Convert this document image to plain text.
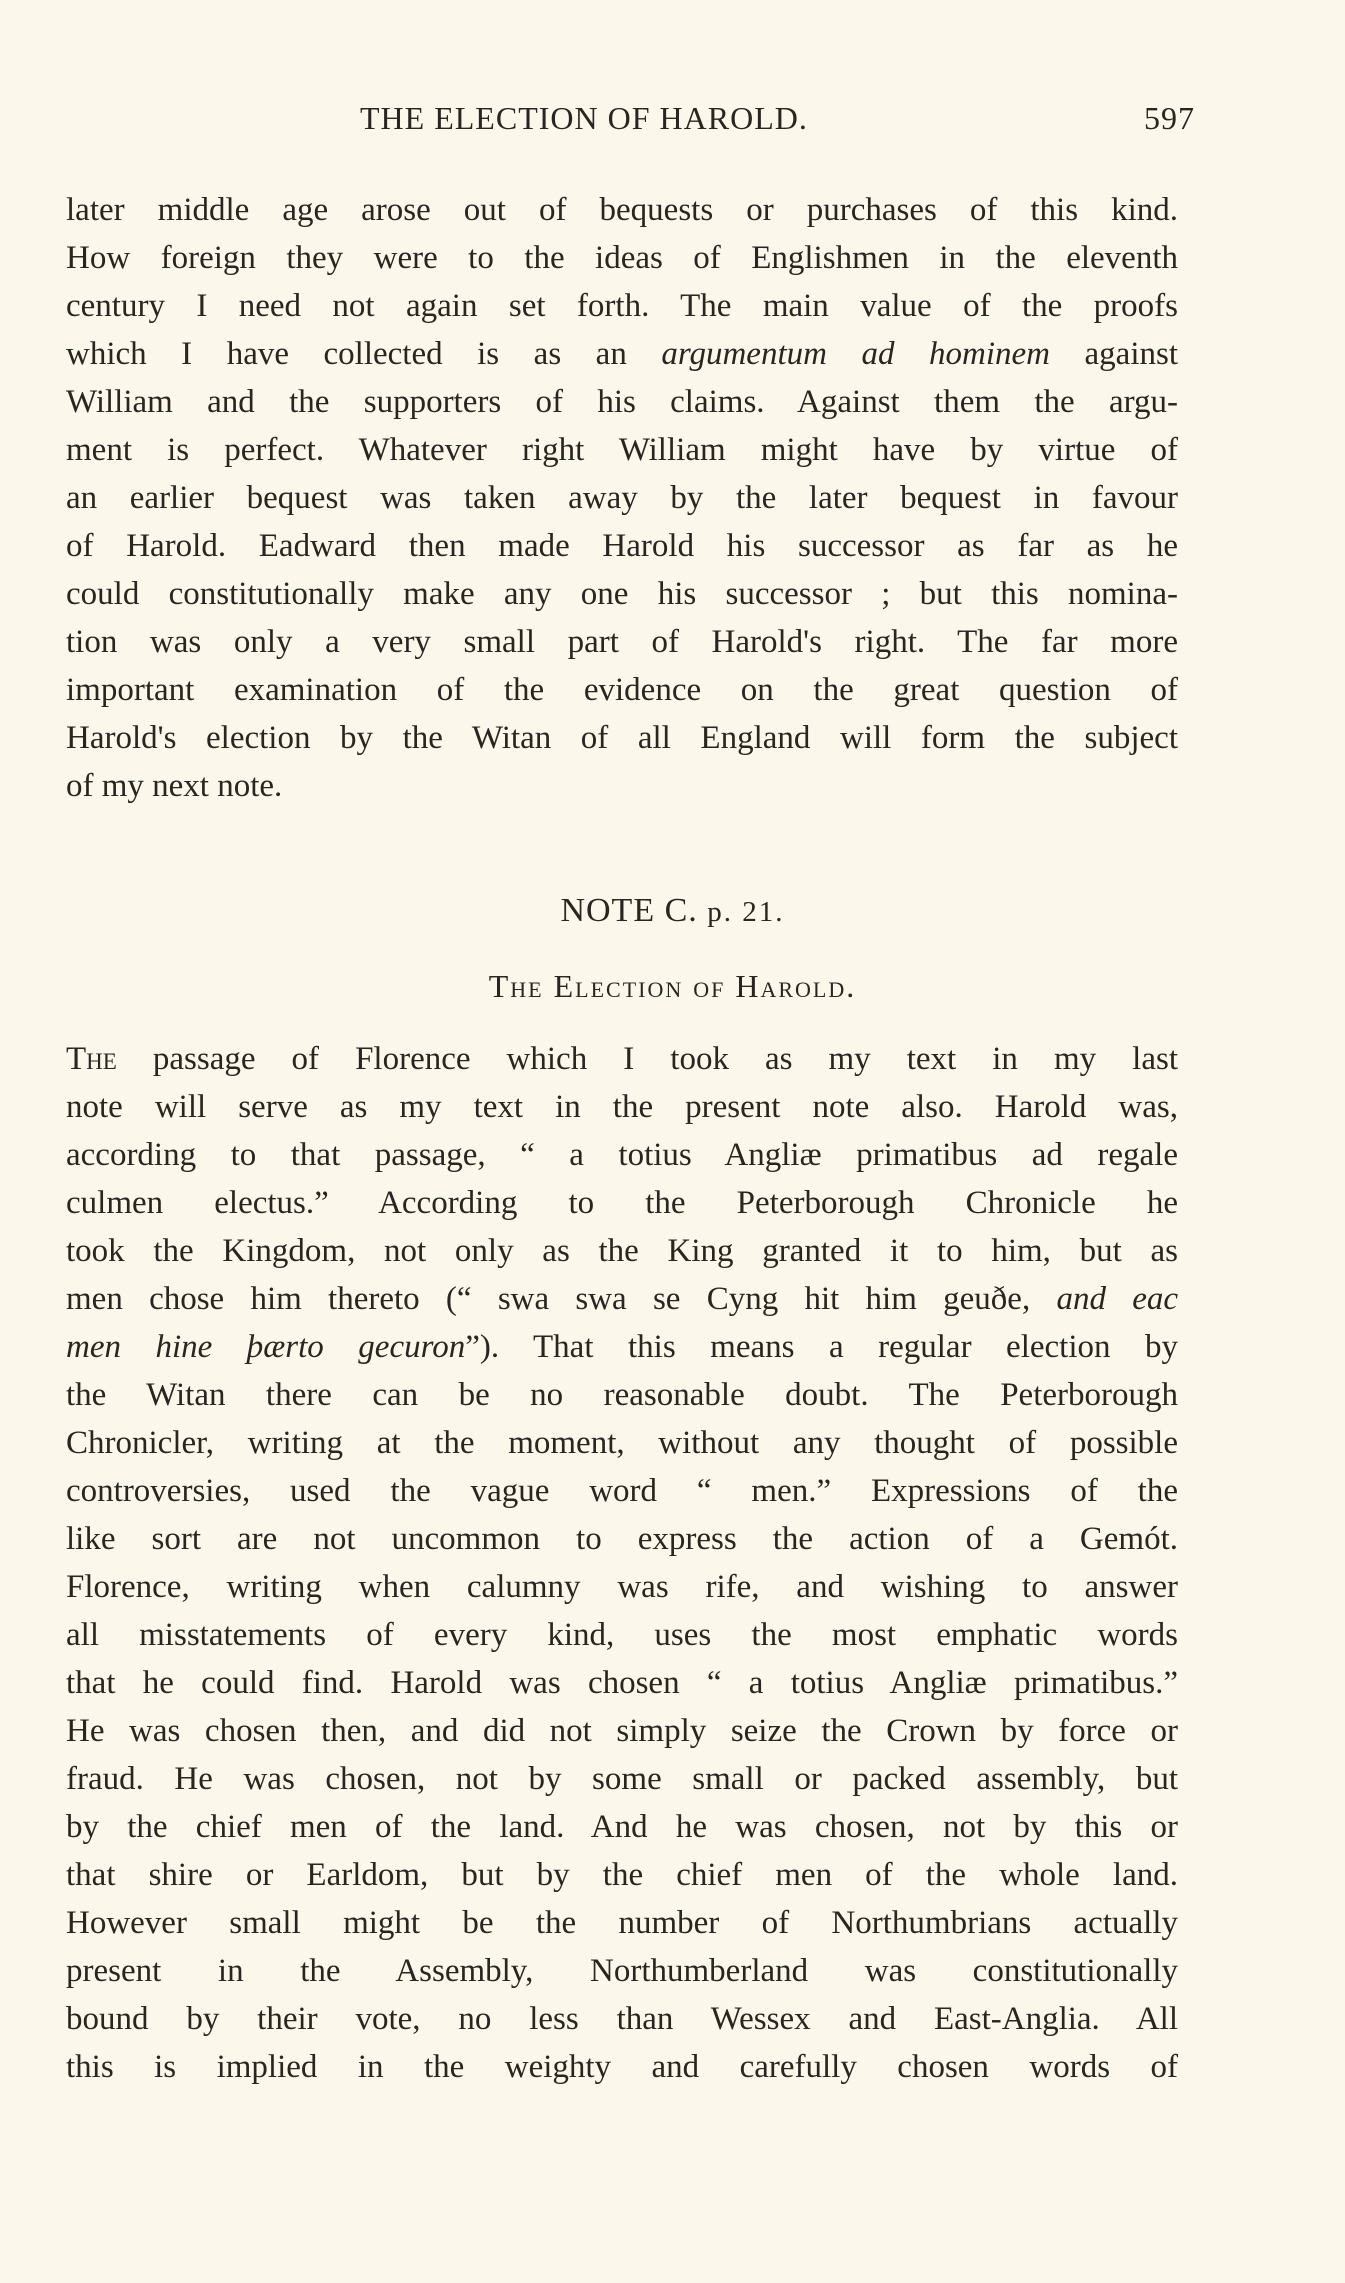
THE ELECTION OF HAROLD.	597
later middle age arose out of bequests or purchases of this kind.
How foreign they were to the ideas of Englishmen in the eleventh
century I need not again set forth. The main value of the proofs
which I have collected is as an argumentum ad hominem against
William and the supporters of his claims. Against them the argu-
ment is perfect. Whatever right William might have by virtue of
an earlier bequest was taken away by the later bequest in favour
of Harold. Eadward then made Harold his successor as far as he
could constitutionally make any one his successor ; but this nomina-
tion was only a very small part of Harold's right. The far more
important examination of the evidence on the great question of
Harold's election by the Witan of all England will form the subject
of my next note.
NOTE C. p. 21.
The Election of Harold.
The passage of Florence which I took as my text in my last
note will serve as my text in the present note also. Harold was,
according to that passage, “ a totius Angliæ primatibus ad regale
culmen electus.” According to the Peterborough Chronicle he
took the Kingdom, not only as the King granted it to him, but as
men chose him thereto (“ swa swa se Cyng hit him geuðe, and eac
men hine þærto gecuron”). That this means a regular election by
the Witan there can be no reasonable doubt. The Peterborough
Chronicler, writing at the moment, without any thought of possible
controversies, used the vague word “ men.” Expressions of the
like sort are not uncommon to express the action of a Gemót.
Florence, writing when calumny was rife, and wishing to answer
all misstatements of every kind, uses the most emphatic words
that he could find. Harold was chosen “ a totius Angliæ primatibus.”
He was chosen then, and did not simply seize the Crown by force or
fraud. He was chosen, not by some small or packed assembly, but
by the chief men of the land. And he was chosen, not by this or
that shire or Earldom, but by the chief men of the whole land.
However small might be the number of Northumbrians actually
present in the Assembly, Northumberland was constitutionally
bound by their vote, no less than Wessex and East-Anglia. All
this is implied in the weighty and carefully chosen words of
